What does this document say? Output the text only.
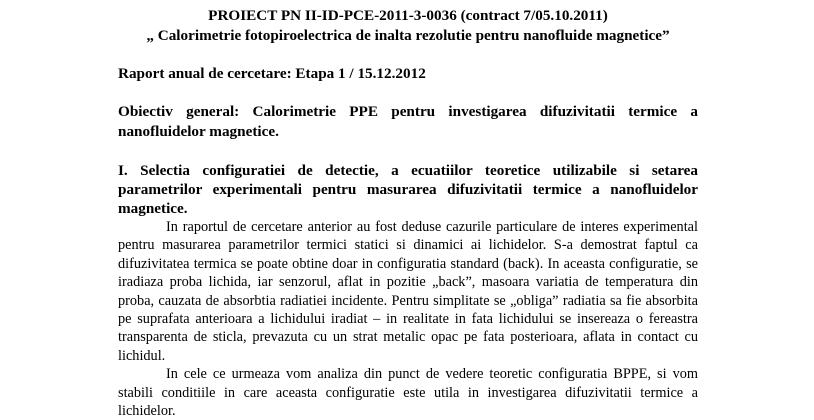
PROIECT PN II-ID-PCE-2011-3-0036 (contract 7/05.10.2011)
„ Calorimetrie fotopiroelectrica de inalta rezolutie pentru nanofluide magnetice”
Raport anual de cercetare: Etapa 1 / 15.12.2012
Obiectiv general: Calorimetrie PPE pentru investigarea difuzivitatii termice a nanofluidelor magnetice.
I. Selectia configuratiei de detectie, a ecuatiilor teoretice utilizabile si setarea parametrilor experimentali pentru masurarea difuzivitatii termice a nanofluidelor magnetice.

In raportul de cercetare anterior au fost deduse cazurile particulare de interes experimental pentru masurarea parametrilor termici statici si dinamici ai lichidelor. S-a demostrat faptul ca difuzivitatea termica se poate obtine doar in configuratia standard (back). In aceasta configuratie, se iradiaza proba lichida, iar senzorul, aflat in pozitie „back”, masoara variatia de temperatura din proba, cauzata de absorbtia radiatiei incidente. Pentru simplitate se „obliga” radiatia sa fie absorbita pe suprafata anterioara a lichidului iradiat – in realitate in fata lichidului se insereaza o fereastra transparenta de sticla, prevazuta cu un strat metalic opac pe fata posterioara, aflata in contact cu lichidul.

In cele ce urmeaza vom analiza din punct de vedere teoretic configuratia BPPE, si vom stabili conditiile in care aceasta configuratie este utila in investigarea difuzivitatii termice a lichidelor.
